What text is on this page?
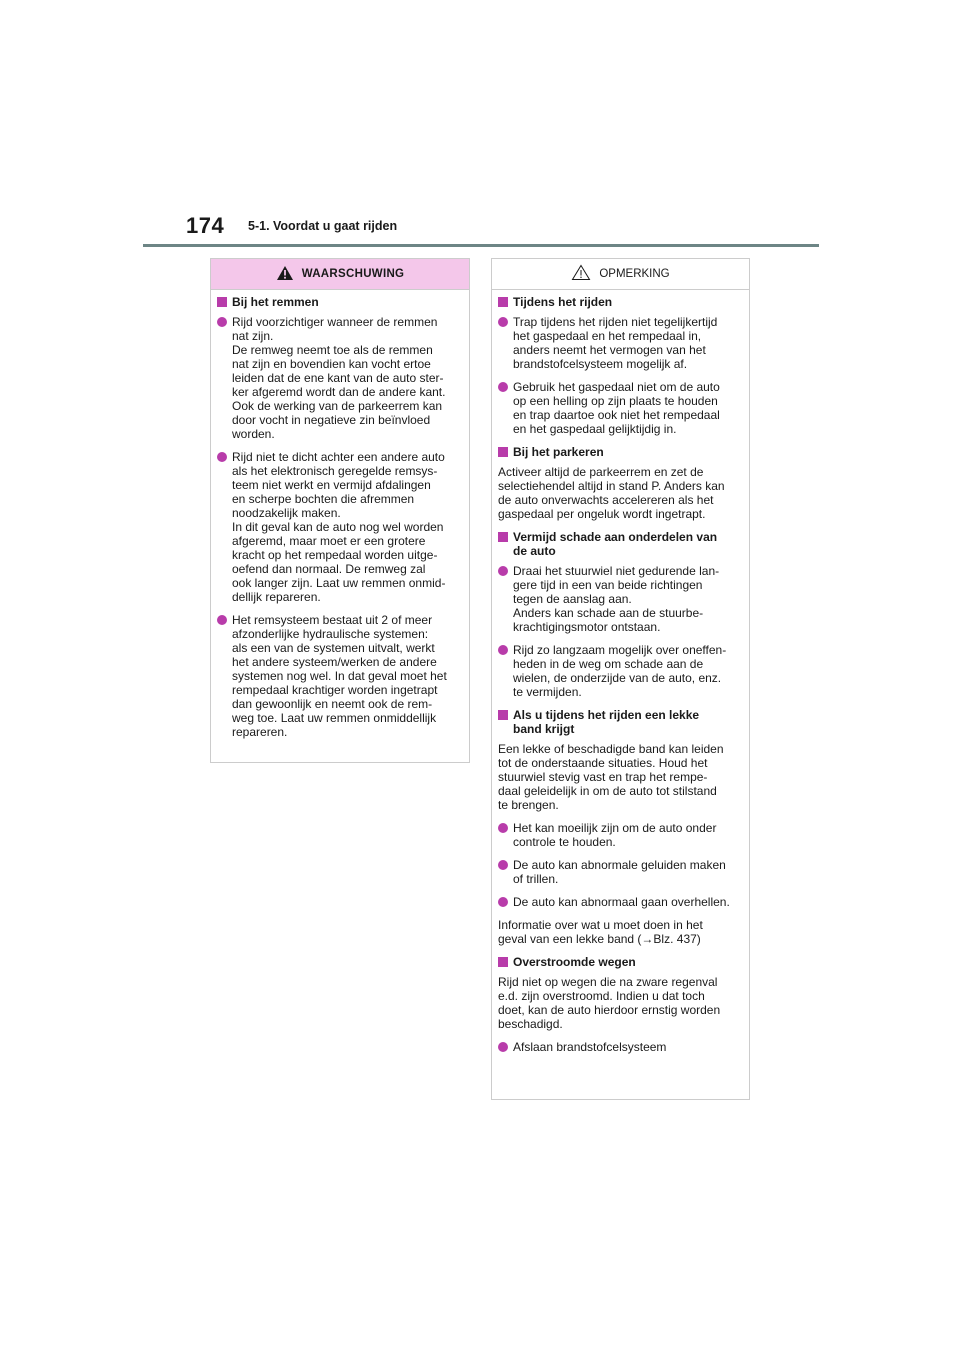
174 5-1. Voordat u gaat rijden
WAARSCHUWING
Bij het remmen
Rijd voorzichtiger wanneer de remmen
nat zijn.
De remweg neemt toe als de remmen
nat zijn en bovendien kan vocht ertoe
leiden dat de ene kant van de auto ster-
ker afgeremd wordt dan de andere kant.
Ook de werking van de parkeerrem kan
door vocht in negatieve zin beïnvloed
worden.
Rijd niet te dicht achter een andere auto
als het elektronisch geregelde remsys-
teem niet werkt en vermijd afdalingen
en scherpe bochten die afremmen
noodzakelijk maken.
In dit geval kan de auto nog wel worden
afgeremd, maar moet er een grotere
kracht op het rempedaal worden uitge-
oefend dan normaal. De remweg zal
ook langer zijn. Laat uw remmen onmid-
dellijk repareren.
Het remsysteem bestaat uit 2 of meer
afzonderlijke hydraulische systemen:
als een van de systemen uitvalt, werkt
het andere systeem/werken de andere
systemen nog wel. In dat geval moet het
rempedaal krachtiger worden ingetrapt
dan gewoonlijk en neemt ook de rem-
weg toe. Laat uw remmen onmiddellijk
repareren.
OPMERKING
Tijdens het rijden
Trap tijdens het rijden niet tegelijkertijd
het gaspedaal en het rempedaal in,
anders neemt het vermogen van het
brandstofcelsysteem mogelijk af.
Gebruik het gaspedaal niet om de auto
op een helling op zijn plaats te houden
en trap daartoe ook niet het rempedaal
en het gaspedaal gelijktijdig in.
Bij het parkeren
Activeer altijd de parkeerrem en zet de
selectiehendel altijd in stand P. Anders kan
de auto onverwachts accelereren als het
gaspedaal per ongeluk wordt ingetrapt.
Vermijd schade aan onderdelen van
de auto
Draai het stuurwiel niet gedurende lan-
gere tijd in een van beide richtingen
tegen de aanslag aan.
Anders kan schade aan de stuurbe-
krachtigingsmotor ontstaan.
Rijd zo langzaam mogelijk over oneffen-
heden in de weg om schade aan de
wielen, de onderzijde van de auto, enz.
te vermijden.
Als u tijdens het rijden een lekke
band krijgt
Een lekke of beschadigde band kan leiden
tot de onderstaande situaties. Houd het
stuurwiel stevig vast en trap het rempe-
daal geleidelijk in om de auto tot stilstand
te brengen.
Het kan moeilijk zijn om de auto onder
controle te houden.
De auto kan abnormale geluiden maken
of trillen.
De auto kan abnormaal gaan overhellen.
Informatie over wat u moet doen in het
geval van een lekke band (→Blz. 437)
Overstroomde wegen
Rijd niet op wegen die na zware regenval
e.d. zijn overstroomd. Indien u dat toch
doet, kan de auto hierdoor ernstig worden
beschadigd.
Afslaan brandstofcelsysteem
